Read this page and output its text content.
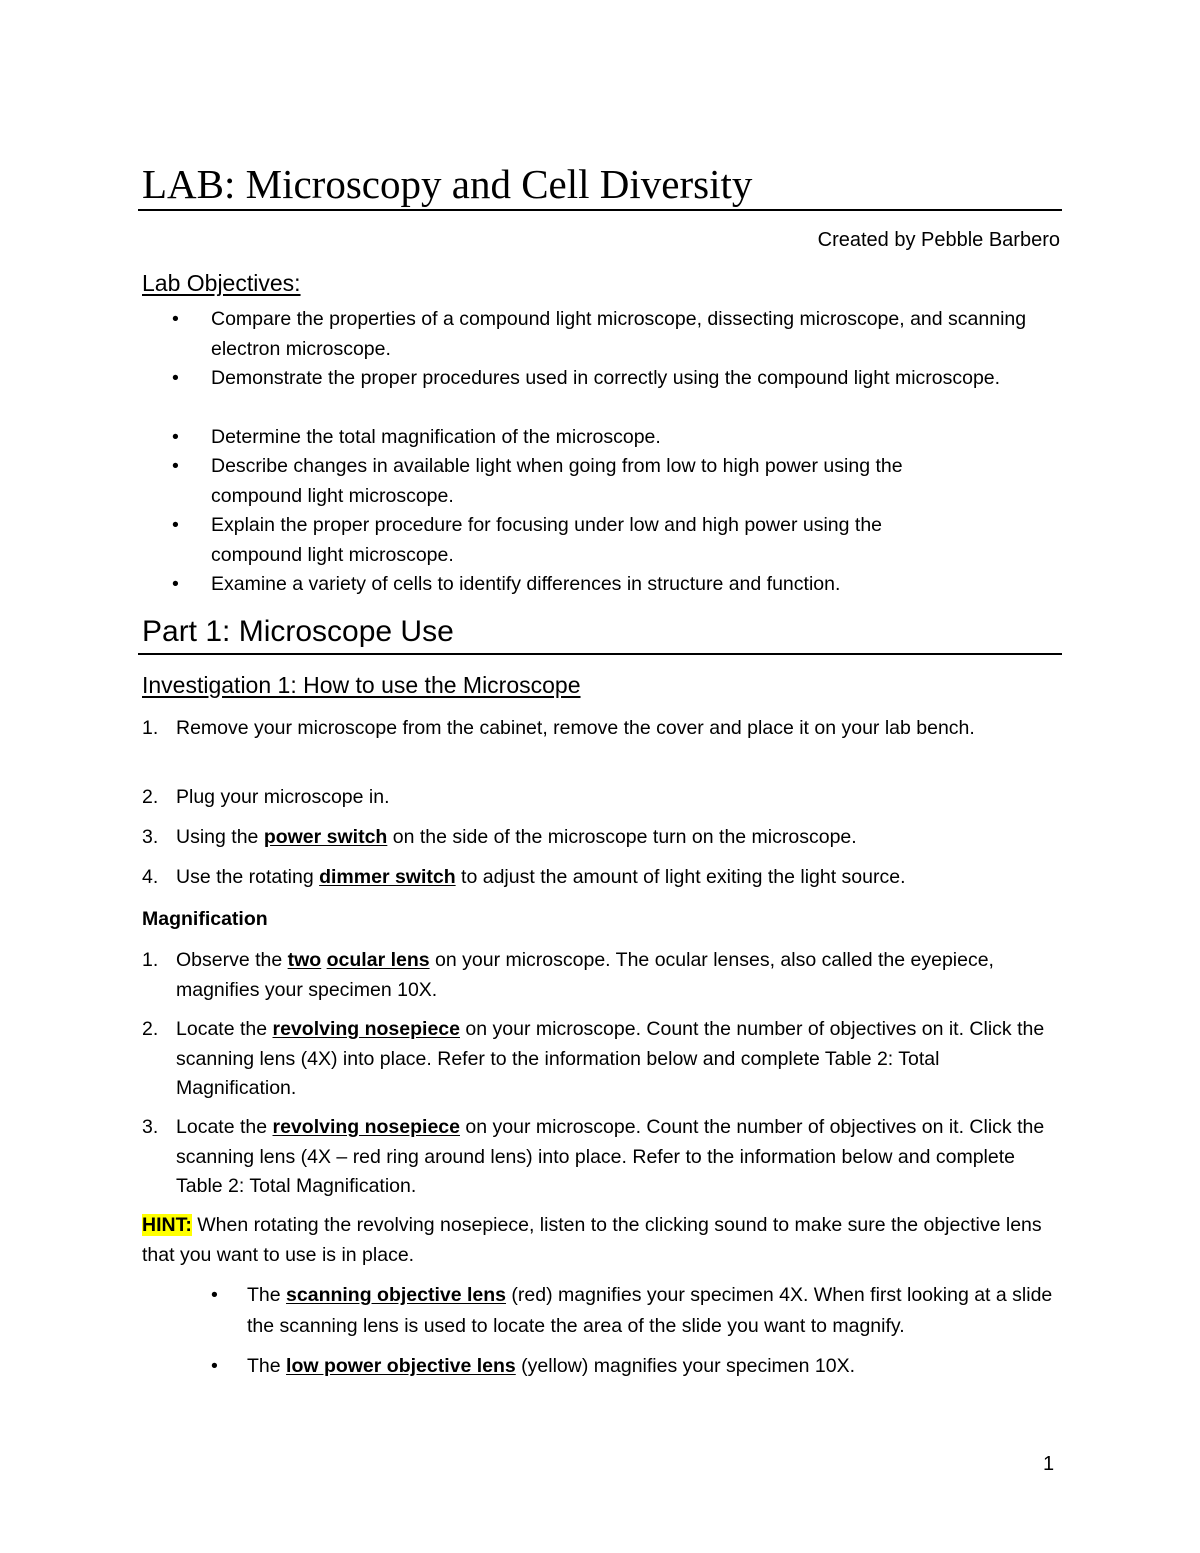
LAB: Microscopy and Cell Diversity
Created by Pebble Barbero
Lab Objectives:
• Compare the properties of a compound light microscope, dissecting microscope, and scanning electron microscope.
• Demonstrate the proper procedures used in correctly using the compound light microscope.
• Determine the total magnification of the microscope.
• Describe changes in available light when going from low to high power using the compound light microscope.
• Explain the proper procedure for focusing under low and high power using the compound light microscope.
• Examine a variety of cells to identify differences in structure and function.
Part 1: Microscope Use
Investigation 1: How to use the Microscope
1. Remove your microscope from the cabinet, remove the cover and place it on your lab bench.
2. Plug your microscope in.
3. Using the power switch on the side of the microscope turn on the microscope.
4. Use the rotating dimmer switch to adjust the amount of light exiting the light source.
Magnification
1. Observe the two ocular lens on your microscope. The ocular lenses, also called the eyepiece, magnifies your specimen 10X.
2. Locate the revolving nosepiece on your microscope. Count the number of objectives on it. Click the scanning lens (4X) into place. Refer to the information below and complete Table 2: Total Magnification.
3. Locate the revolving nosepiece on your microscope. Count the number of objectives on it. Click the scanning lens (4X – red ring around lens) into place. Refer to the information below and complete Table 2: Total Magnification.
HINT: When rotating the revolving nosepiece, listen to the clicking sound to make sure the objective lens that you want to use is in place.
• The scanning objective lens (red) magnifies your specimen 4X. When first looking at a slide the scanning lens is used to locate the area of the slide you want to magnify.
• The low power objective lens (yellow) magnifies your specimen 10X.
1
